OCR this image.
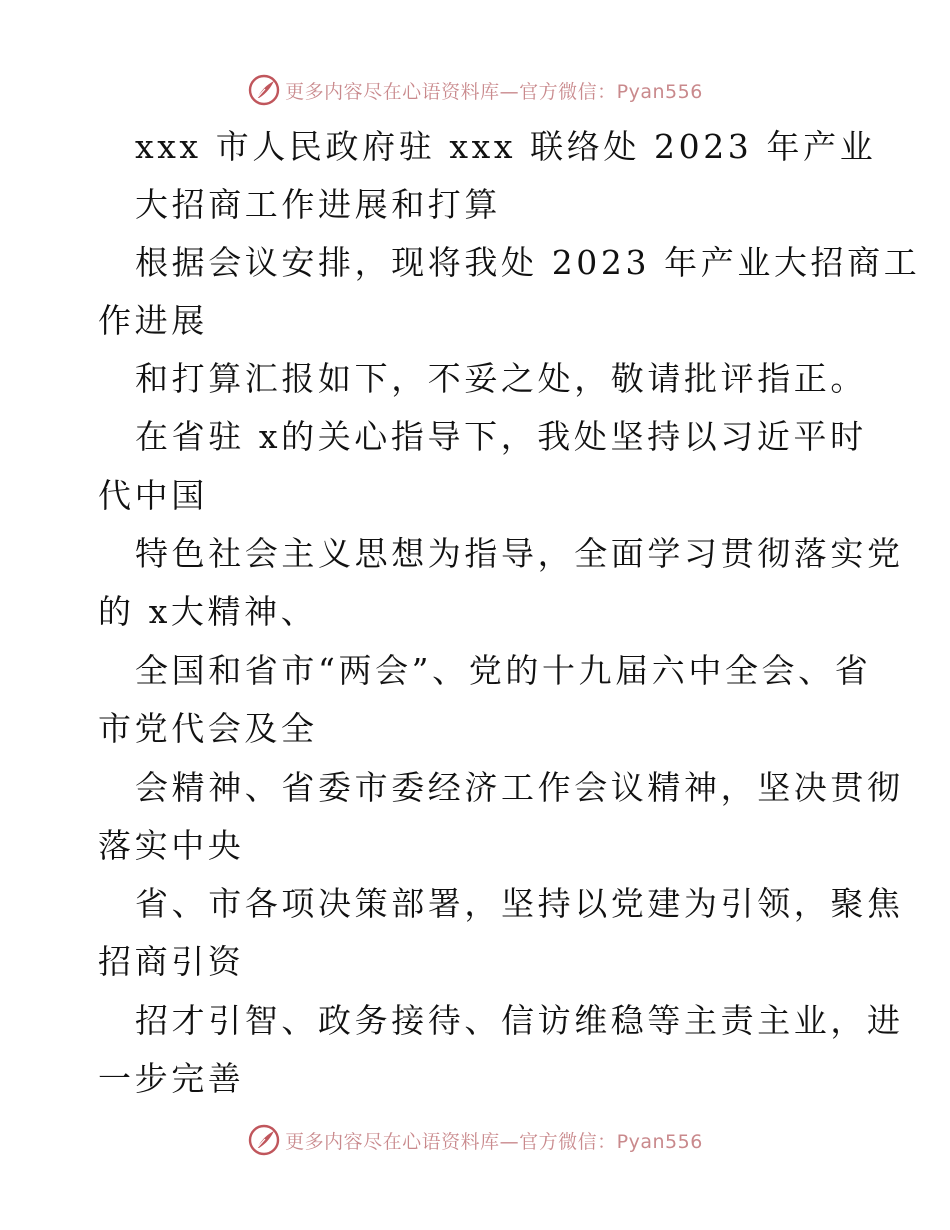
更多内容尽在心语资料库—官方微信：Pyan556
xxx 市人民政府驻 xxx 联络处 2023 年产业
大招商工作进展和打算
根据会议安排，现将我处 2023 年产业大招商工
作进展
和打算汇报如下，不妥之处，敬请批评指正。
在省驻 x的关心指导下，我处坚持以习近平时
代中国
特色社会主义思想为指导，全面学习贯彻落实党
的 x大精神、
全国和省市“两会”、党的十九届六中全会、省
市党代会及全
会精神、省委市委经济工作会议精神，坚决贯彻
落实中央
省、市各项决策部署，坚持以党建为引领，聚焦
招商引资
招才引智、政务接待、信访维稳等主责主业，进
一步完善
更多内容尽在心语资料库—官方微信：Pyan556
